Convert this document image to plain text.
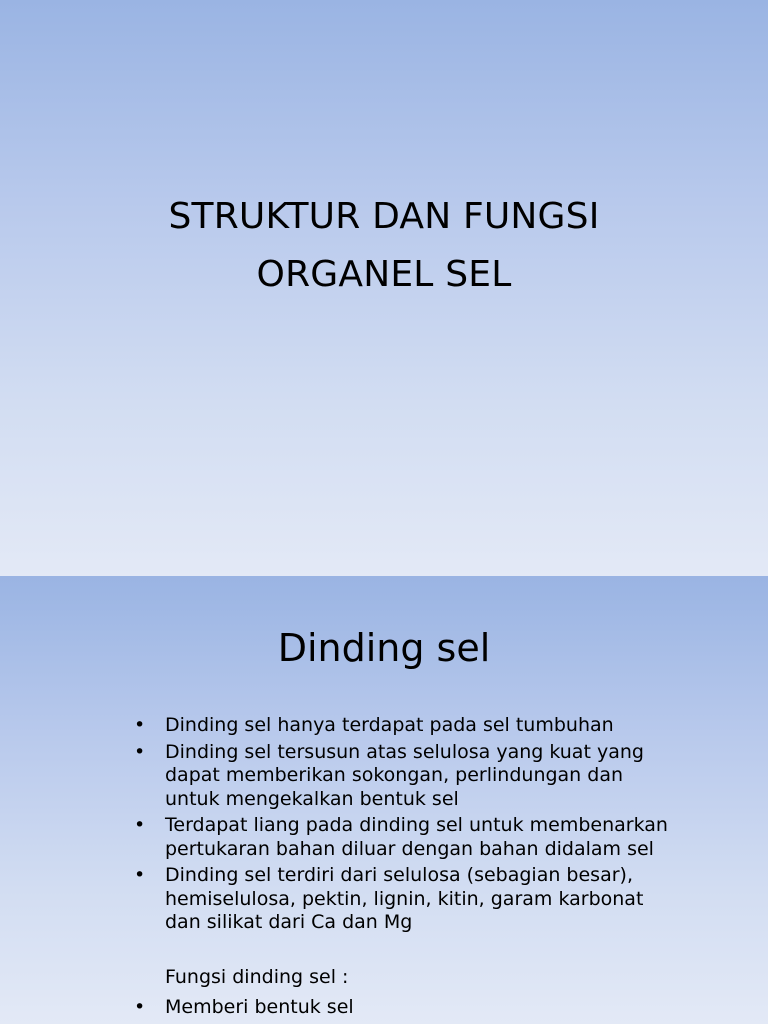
STRUKTUR DAN FUNGSI
ORGANEL SEL
Dinding sel
• Dinding sel hanya terdapat pada sel tumbuhan
• Dinding sel tersusun atas selulosa yang kuat yang
dapat memberikan sokongan, perlindungan dan
untuk mengekalkan bentuk sel
• Terdapat liang pada dinding sel untuk membenarkan
pertukaran bahan diluar dengan bahan didalam sel
• Dinding sel terdiri dari selulosa (sebagian besar),
hemiselulosa, pektin, lignin, kitin, garam karbonat
dan silikat dari Ca dan Mg
Fungsi dinding sel :
• Memberi bentuk sel
